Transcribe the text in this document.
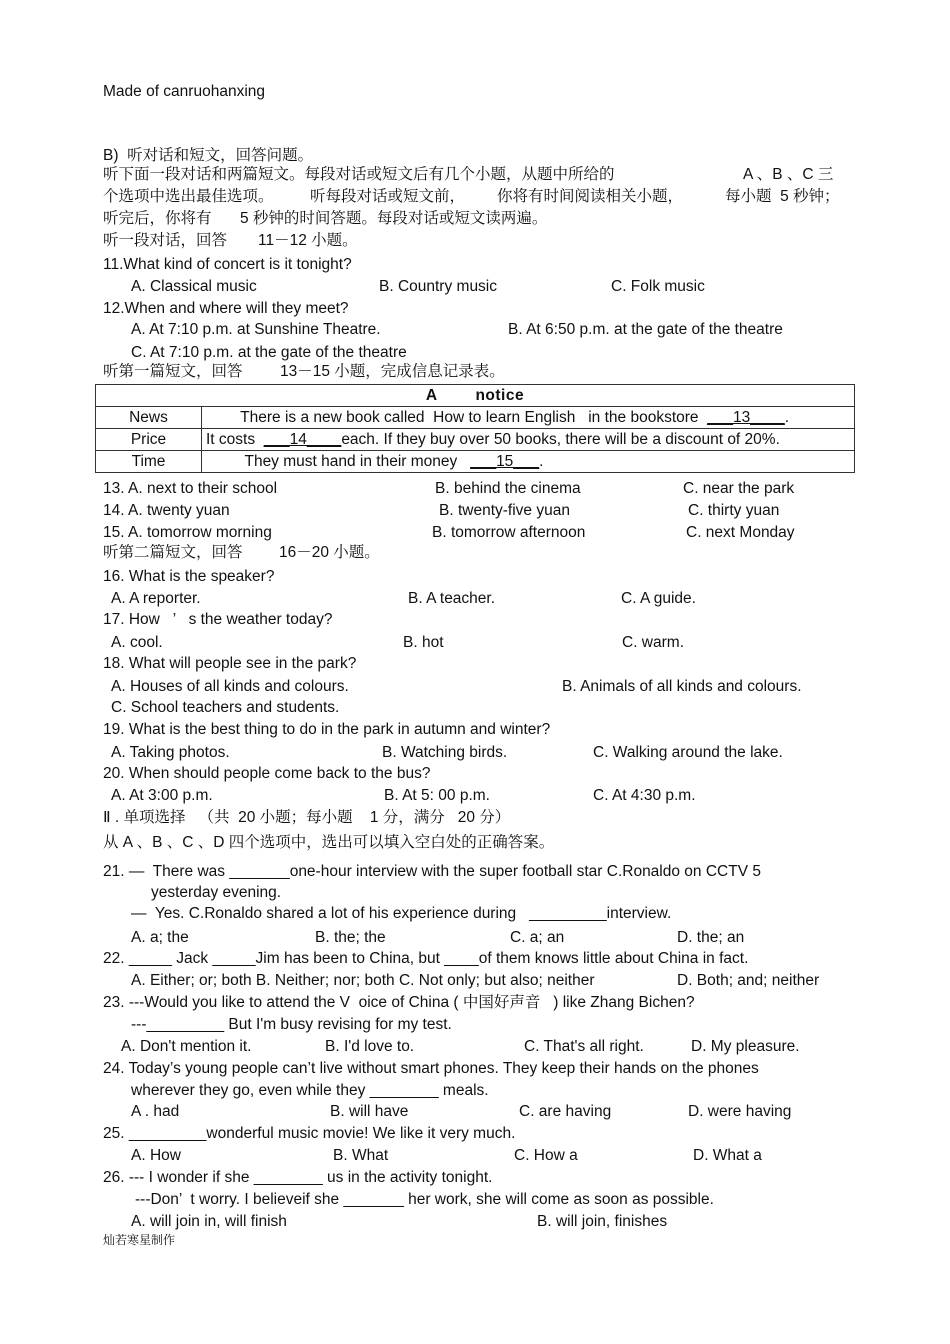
Made of canruohanxing
B)  听对话和短文，回答问题。
听下面一段对话和两篇短文。每段对话或短文后有几个小题，从题中所给的	A 、B 、C 三
个选项中选出最佳选项。 听每段对话或短文前， 你将有时间阅读相关小题，	每小题  5 秒钟；
听完后，你将有 5 秒钟的时间答题。每段对话或短文读两遍。
听一段对话，回答 11－12 小题。
11.What kind of concert is it tonight?
A. Classical music	B. Country music	C. Folk music
12.When and where will they meet?
A. At 7:10 p.m. at Sunshine Theatre.	B. At 6:50 p.m. at the gate of the theatre
C. At 7:10 p.m. at the gate of the theatre
听第一篇短文，回答 13－15 小题，完成信息记录表。
A        notice	
News	There is a new book called  How to learn English   in the bookstore  ___13____.
Price	It costs  ___14____each. If they buy over 50 books, there will be a discount of 20%.
Time	They must hand in their money   ___15___.
13. A. next to their school	B. behind the cinema	C. near the park
14. A. twenty yuan	B. twenty-five yuan	C. thirty yuan
15. A. tomorrow morning	B. tomorrow afternoon	C. next Monday
听第二篇短文，回答 16－20 小题。
16. What is the speaker?
A. A reporter.	B. A teacher.	C. A guide.
17. How   ’   s the weather today?
A. cool.	B. hot	C. warm.
18. What will people see in the park?
A. Houses of all kinds and colours.	B. Animals of all kinds and colours.
C. School teachers and students.
19. What is the best thing to do in the park in autumn and winter?
A. Taking photos.	B. Watching birds.	C. Walking around the lake.
20. When should people come back to the bus?
A. At 3:00 p.m.	B. At 5: 00 p.m.	C. At 4:30 p.m.
Ⅱ . 单项选择   （共  20 小题；每小题    1 分，满分   20 分）
从 A 、B 、C 、D 四个选项中，选出可以填入空白处的正确答案。
21. —  There was _______one-hour interview with the super football star C.Ronaldo on CCTV 5
yesterday evening.
—  Yes. C.Ronaldo shared a lot of his experience during   _________interview.
A. a; the	B. the; the	C. a; an	D. the; an
22. _____ Jack _____Jim has been to China, but ____of them knows little about China in fact.
A. Either; or; both B. Neither; nor; both C. Not only; but also; neither	D. Both; and; neither
23. ---Would you like to attend the V  oice of China ( 中国好声音   ) like Zhang Bichen?
---_________ But I'm busy revising for my test.
A. Don't mention it.	B. I'd love to.	C. That's all right.	D. My pleasure.
24. Today’s young people can’t live without smart phones. They keep their hands on the phones
wherever they go, even while they ________ meals.
A . had	B. will have	C. are having	D. were having
25. _________wonderful music movie! We like it very much.
A. How	B. What	C. How a	D. What a
26. --- I wonder if she ________ us in the activity tonight.
---Don’  t worry. I believeif she _______ her work, she will come as soon as possible.
A. will join in, will finish	B. will join, finishes
灿若寒星制作
